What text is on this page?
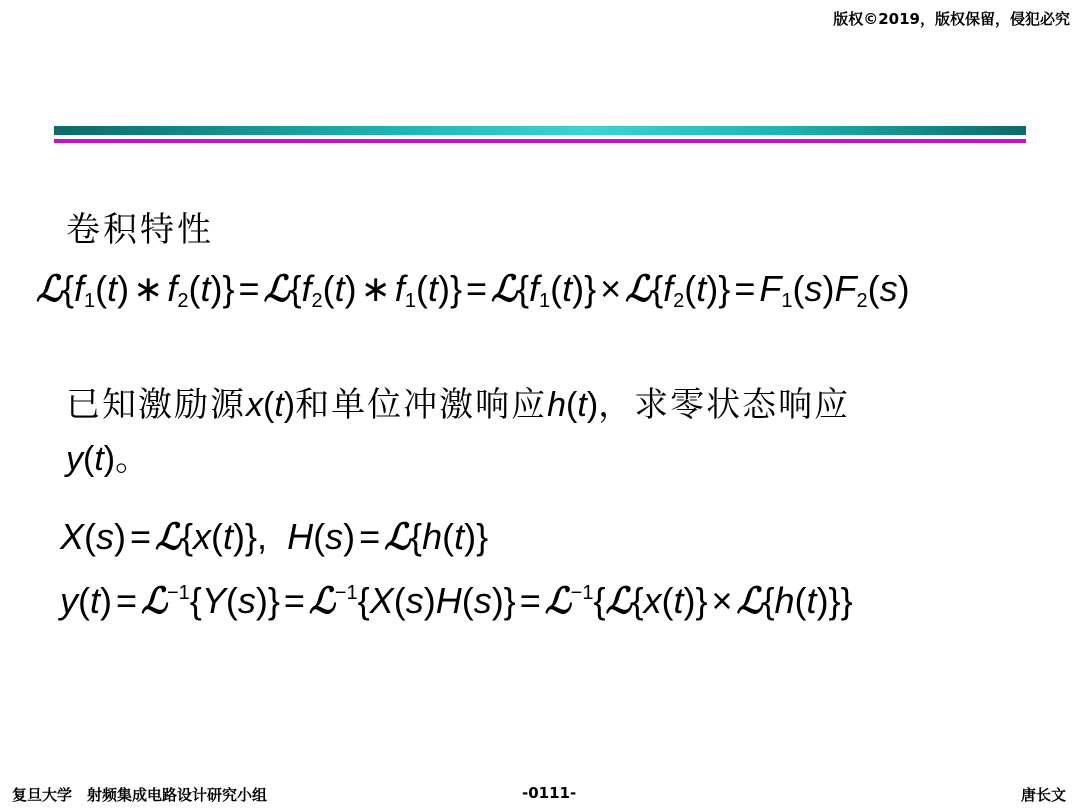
版权©2019，版权保留，侵犯必究
卷积特性
$ℒ\{f_1(t)$ ∗ $f_2(t)$} = $ℒ\{f_2(t)$ ∗ $f_1(t)$} = $ℒ\{f_1(t)\}$ × $ℒ\{f_2(t)\} = F_1(s)F_2(s)$
已知激励源x(t)和单位冲激响应h(t)，求零状态响应
y(t)。
X(s) = ℒ{x(t)},  H(s) = ℒ{h(t)}
y(t) = ℒ$^{-1}${Y(s)} = ℒ$^{-1}${X(s)H(s)} = ℒ$^{-1}${ℒ{x(t)} × ℒ{h(t)}}
复旦大学　射频集成电路设计研究小组	-0111-	唐长文
